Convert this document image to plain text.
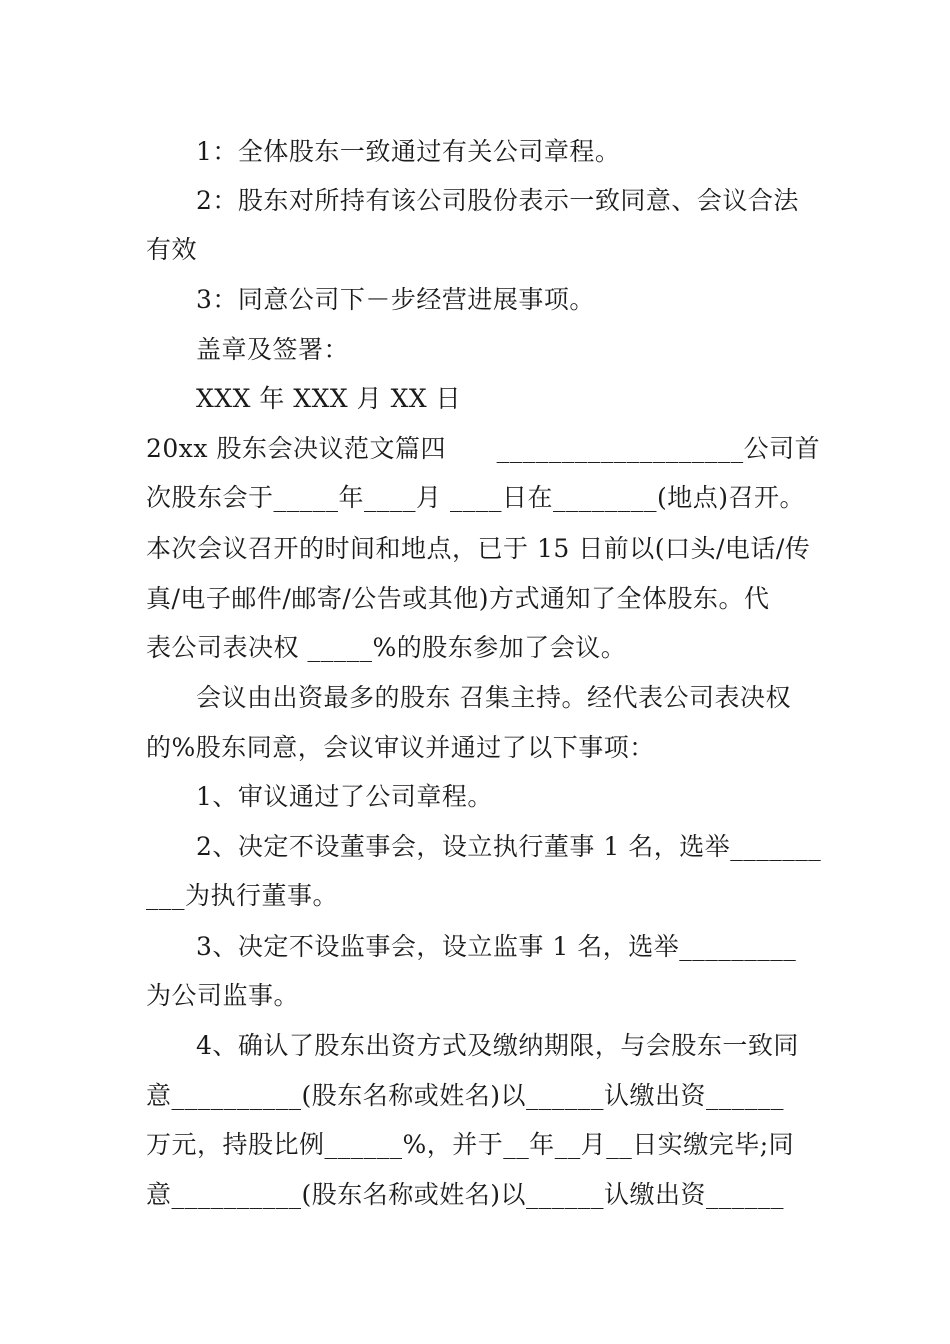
1：全体股东一致通过有关公司章程。
2：股东对所持有该公司股份表示一致同意、会议合法
有效
3：同意公司下－步经营进展事项。
盖章及签署：
XXX 年 XXX 月 XX 日
20xx 股东会决议范文篇四      ___________________公司首
次股东会于_____年____月 ____日在________(地点)召开。
本次会议召开的时间和地点，已于 15 日前以(口头/电话/传
真/电子邮件/邮寄/公告或其他)方式通知了全体股东。代
表公司表决权 _____%的股东参加了会议。
会议由出资最多的股东 召集主持。经代表公司表决权
的%股东同意，会议审议并通过了以下事项：
1、审议通过了公司章程。
2、决定不设董事会，设立执行董事 1 名，选举_______
___为执行董事。
3、决定不设监事会，设立监事 1 名，选举_________
为公司监事。
4、确认了股东出资方式及缴纳期限，与会股东一致同
意__________(股东名称或姓名)以______认缴出资______
万元，持股比例______%，并于__年__月__日实缴完毕;同
意__________(股东名称或姓名)以______认缴出资______
